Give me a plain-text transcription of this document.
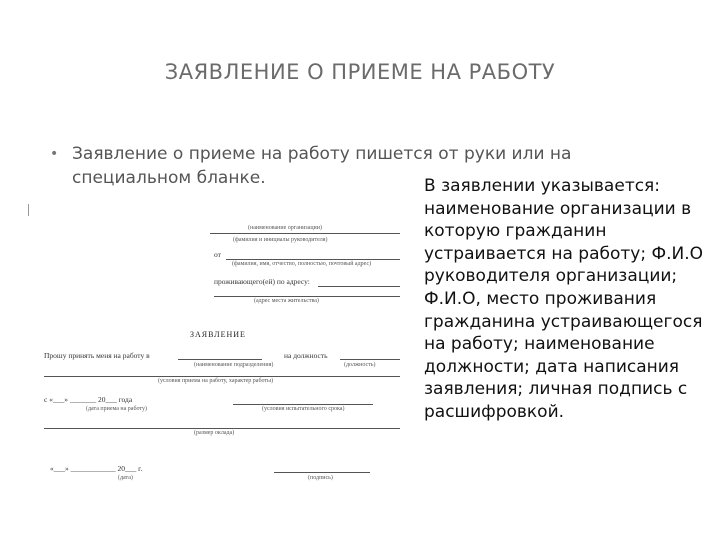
ЗАЯВЛЕНИЕ О ПРИЕМЕ НА РАБОТУ
• Заявление о приеме на работу пишется от руки или на специальном бланке.
(наименование организации)
(фамилия и инициалы руководителя)
от
(фамилия, имя, отчество, полностью, почтовый адрес)
проживающего(ей) по адресу:
(адрес места жительства)
ЗАЯВЛЕНИЕ
Прошу принять меня на работу в	на должность
(наименование подразделения)	(должность)
(условия приема на работу, характер работы)
с «___» _______ 20___ года
(дата приема на работу)	(условия испытательного срока)
(размер оклада)
«___» ____________ 20___ г.
(дата)	(подпись)
В заявлении указывается: наименование организации в которую гражданин устраивается на работу; Ф.И.О руководителя организации; Ф.И.О, место проживания гражданина устраивающегося на работу; наименование должности; дата написания заявления; личная подпись с расшифровкой.
